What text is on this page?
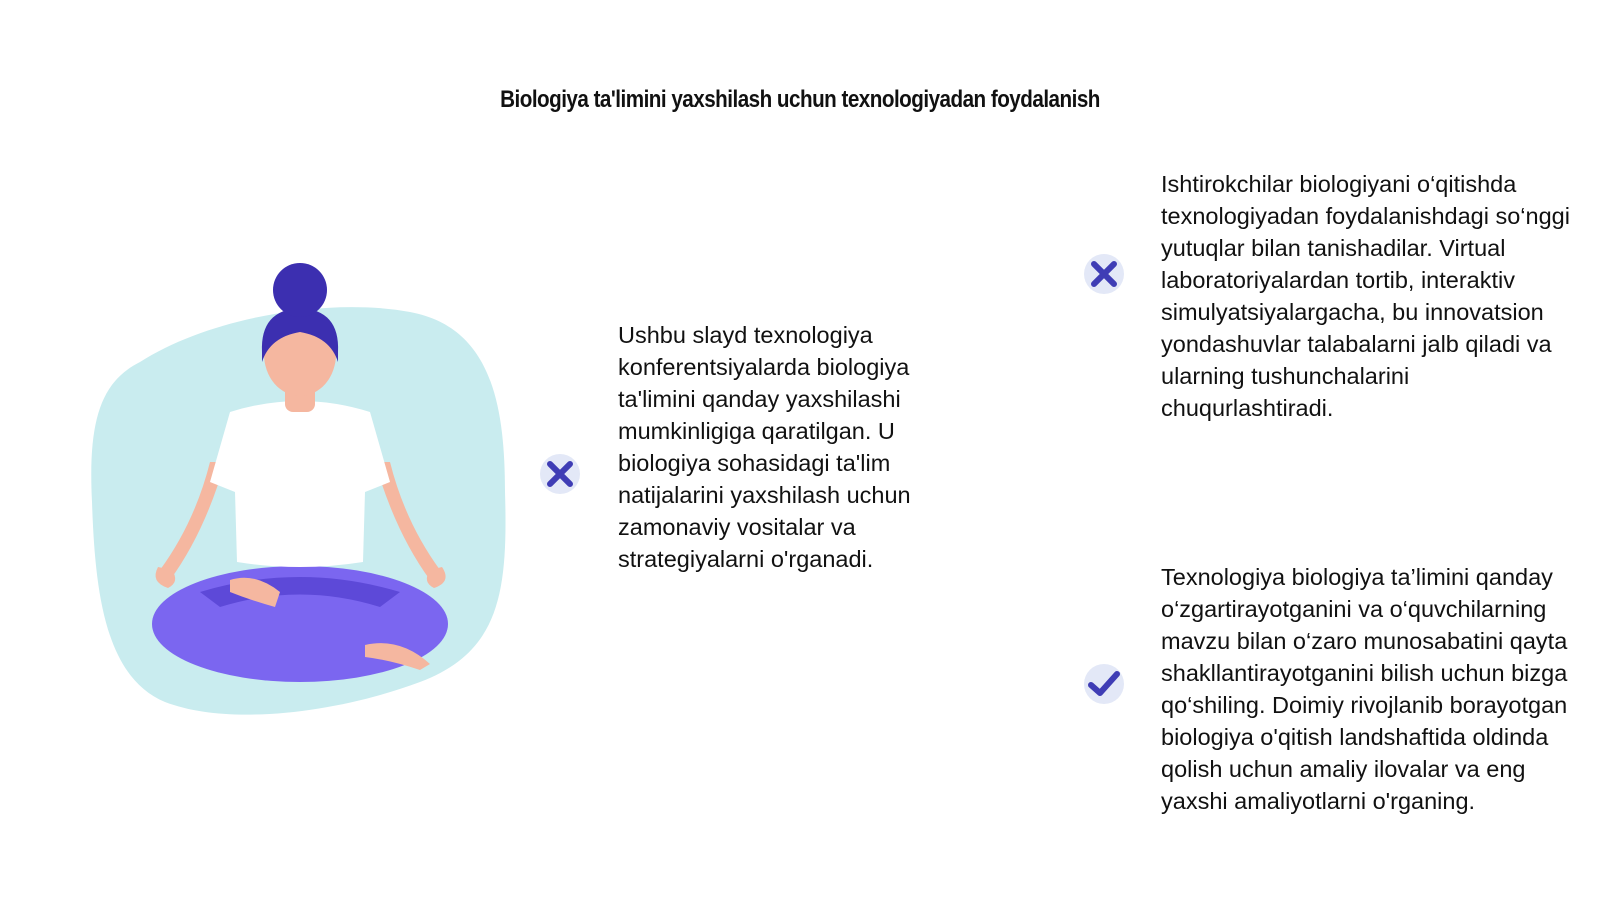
Biologiya ta'limini yaxshilash uchun texnologiyadan foydalanish

Ushbu slayd texnologiya konferentsiyalarda biologiya ta'limini qanday yaxshilashi mumkinligiga qaratilgan. U biologiya sohasidagi ta'lim natijalarini yaxshilash uchun zamonaviy vositalar va strategiyalarni o'rganadi.

Ishtirokchilar biologiyani o‘qitishda texnologiyadan foydalanishdagi so‘nggi yutuqlar bilan tanishadilar. Virtual laboratoriyalardan tortib, interaktiv simulyatsiyalargacha, bu innovatsion yondashuvlar talabalarni jalb qiladi va ularning tushunchalarini chuqurlashtiradi.

Texnologiya biologiya ta’limini qanday o‘zgartirayotganini va o‘quvchilarning mavzu bilan o‘zaro munosabatini qayta shakllantirayotganini bilish uchun bizga qo‘shiling. Doimiy rivojlanib borayotgan biologiya o'qitish landshaftida oldinda qolish uchun amaliy ilovalar va eng yaxshi amaliyotlarni o'rganing.
